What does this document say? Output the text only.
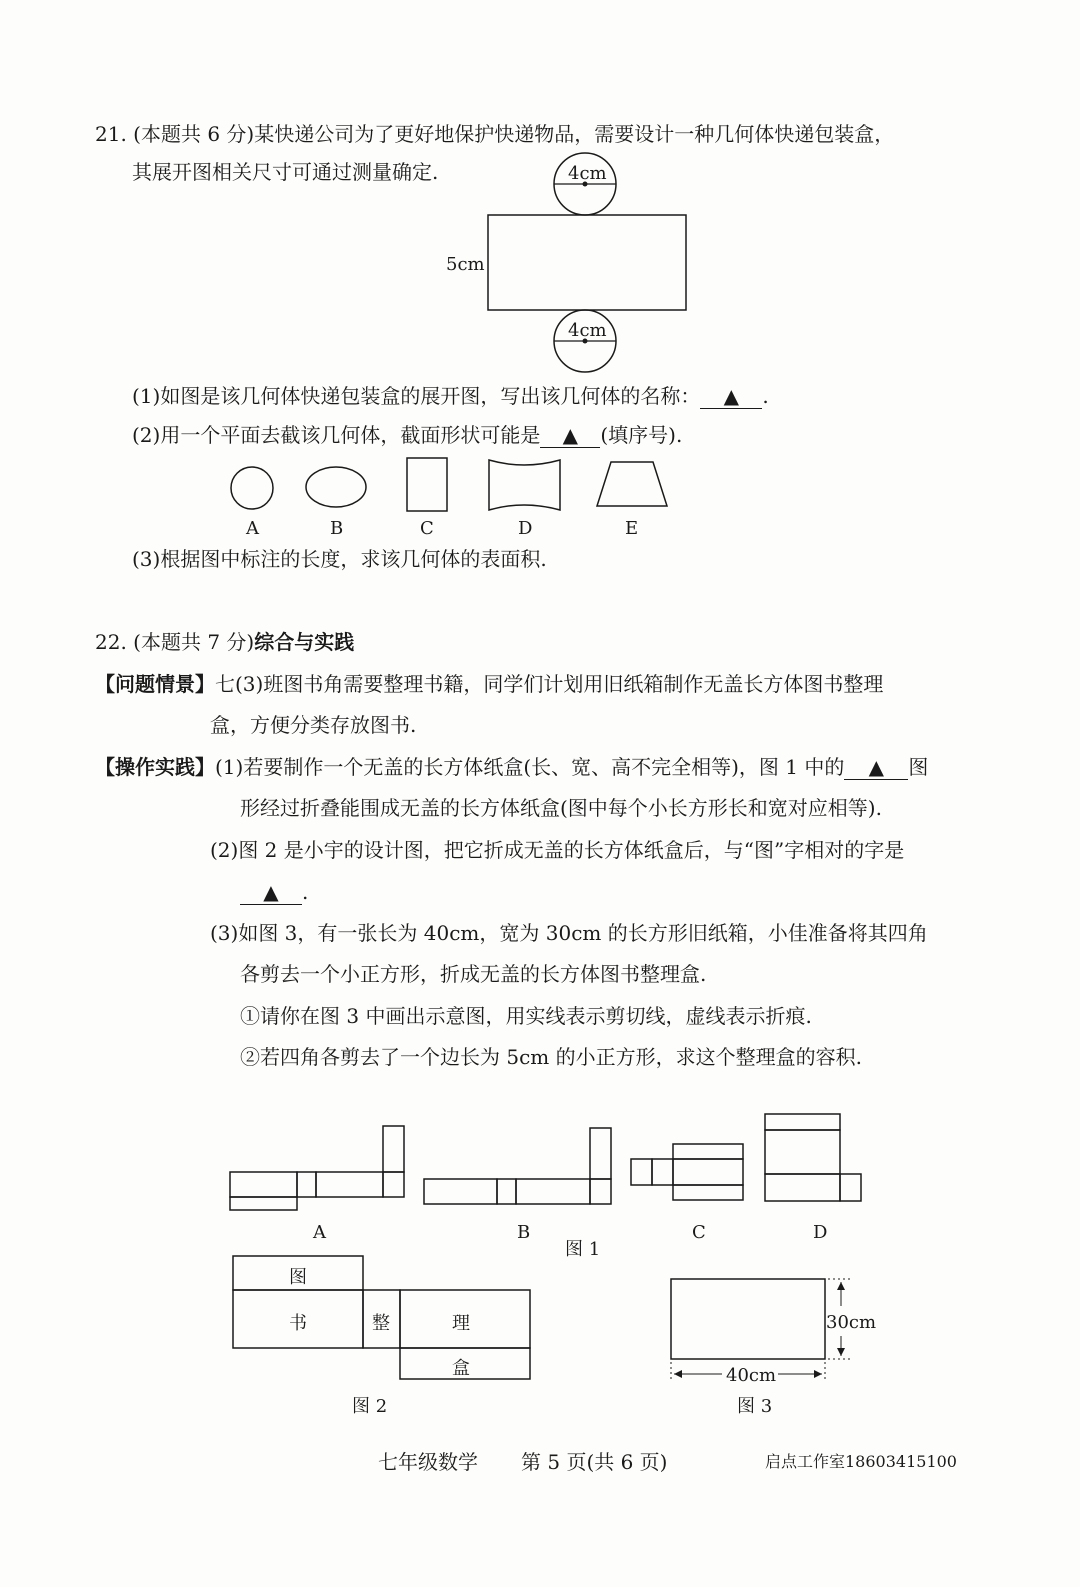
21. (本题共 6 分)某快递公司为了更好地保护快递物品，需要设计一种几何体快递包装盒，
其展开图相关尺寸可通过测量确定.	4cm
5cm
4cm
(1)如图是该几何体快递包装盒的展开图，写出该几何体的名称： ▲ .
(2)用一个平面去截该几何体，截面形状可能是 ▲ (填序号).
A	B	C	D	E
(3)根据图中标注的长度，求该几何体的表面积.
22. (本题共 7 分)综合与实践
【问题情景】七(3)班图书角需要整理书籍，同学们计划用旧纸箱制作无盖长方体图书整理
盒，方便分类存放图书.
【操作实践】(1)若要制作一个无盖的长方体纸盒(长、宽、高不完全相等)，图 1 中的 ▲ 图
形经过折叠能围成无盖的长方体纸盒(图中每个小长方形长和宽对应相等).
(2)图 2 是小宇的设计图，把它折成无盖的长方体纸盒后，与“图”字相对的字是
▲ .
(3)如图 3，有一张长为 40cm，宽为 30cm 的长方形旧纸箱，小佳准备将其四角
各剪去一个小正方形，折成无盖的长方体图书整理盒.
①请你在图 3 中画出示意图，用实线表示剪切线，虚线表示折痕.
②若四角各剪去了一个边长为 5cm 的小正方形，求这个整理盒的容积.
A	B	C	D
图 1
图
书	整	理
盒
图 2
40cm
30cm
图 3
七年级数学 第 5 页(共 6 页)	启点工作室18603415100
